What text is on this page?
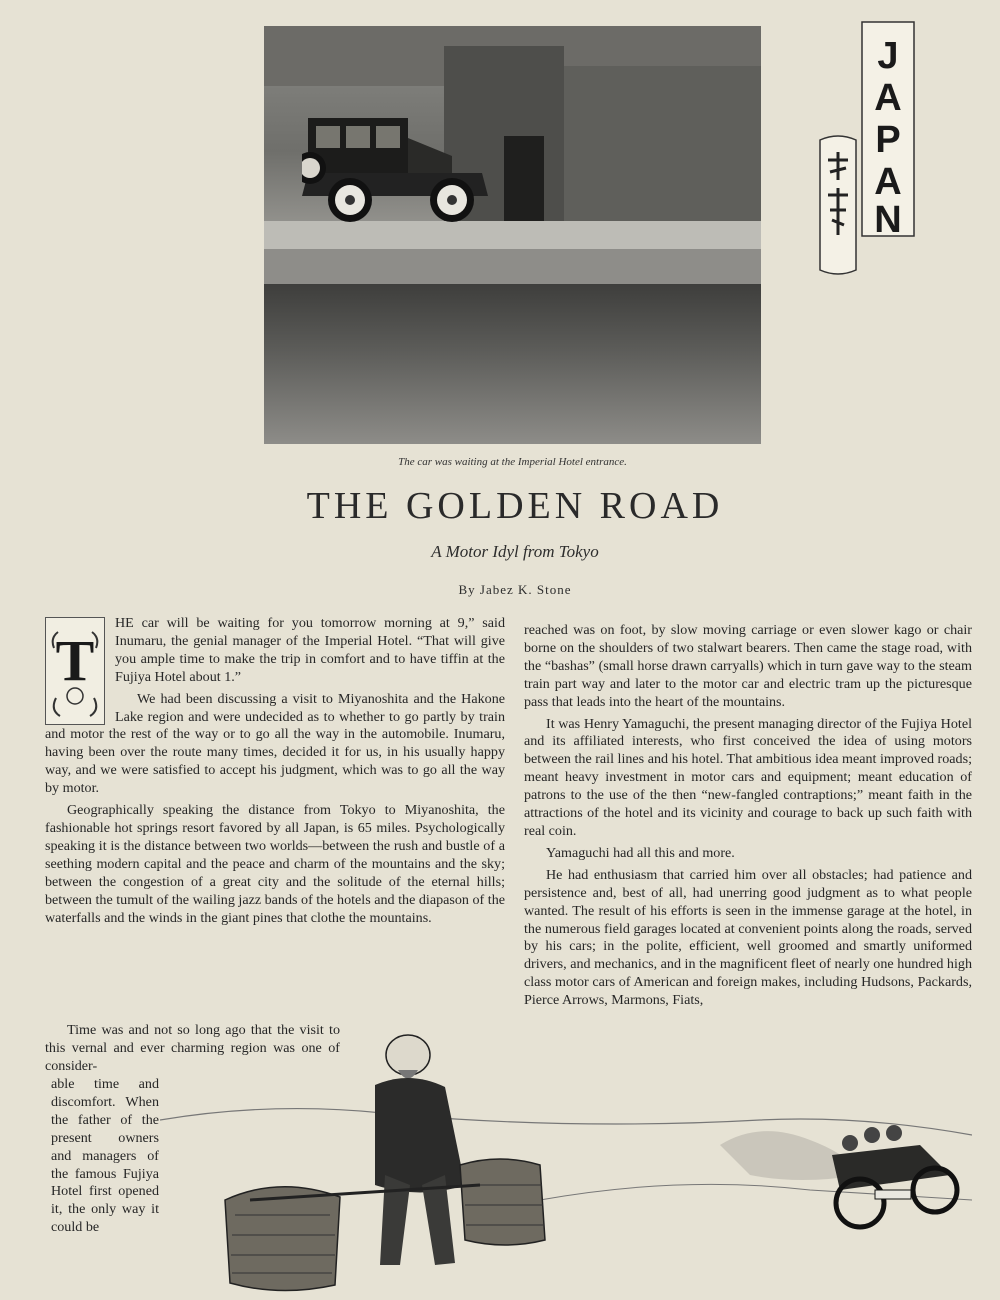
The car was waiting at the Imperial Hotel entrance.
J
A
P
A
N
THE GOLDEN ROAD
A Motor Idyl from Tokyo
By Jabez K. Stone
T

HE car will be waiting for you tomorrow morning at 9,” said Inumaru, the genial manager of the Imperial Hotel. “That will give you ample time to make the trip in comfort and to have tiffin at the Fujiya Hotel about 1.”

We had been discussing a visit to Miyanoshita and the Hakone Lake region and were undecided as to whether to go partly by train and motor the rest of the way or to go all the way in the automobile. Inumaru, having been over the route many times, decided it for us, in his usually happy way, and we were satisfied to accept his judgment, which was to go all the way by motor.

Geographically speaking the distance from Tokyo to Miyanoshita, the fashionable hot springs resort favored by all Japan, is 65 miles. Psychologically speaking it is the distance between two worlds—between the rush and bustle of a seething modern capital and the peace and charm of the mountains and the sky; between the congestion of a great city and the solitude of the eternal hills; between the tumult of the wailing jazz bands of the hotels and the diapason of the waterfalls and the winds in the giant pines that clothe the mountains.

Time was and not so long ago that the visit to this vernal and ever charming region was one of consider-

able time and discomfort. When the father of the present owners and managers of the famous Fujiya Hotel first opened it, the only way it could be

reached was on foot, by slow moving carriage or even slower kago or chair borne on the shoulders of two stalwart bearers. Then came the stage road, with the “bashas” (small horse drawn carryalls) which in turn gave way to the steam train part way and later to the motor car and electric tram up the picturesque pass that leads into the heart of the mountains.

It was Henry Yamaguchi, the present managing director of the Fujiya Hotel and its affiliated interests, who first conceived the idea of using motors between the rail lines and his hotel. That ambitious idea meant improved roads; meant heavy investment in motor cars and equipment; meant education of patrons to the use of the then “new-fangled contraptions;” meant faith in the attractions of the hotel and its vicinity and courage to back up such faith with real coin.

Yamaguchi had all this and more.

He had enthusiasm that carried him over all obstacles; had patience and persistence and, best of all, had unerring good judgment as to what people wanted. The result of his efforts is seen in the immense garage at the hotel, in the numerous field garages located at convenient points along the roads, served by his cars; in the polite, efficient, well groomed and smartly uniformed drivers, and mechanics, and in the magnificent fleet of nearly one hundred high class motor cars of American and foreign makes, including Hudsons, Packards, Pierce Arrows, Marmons, Fiats,
